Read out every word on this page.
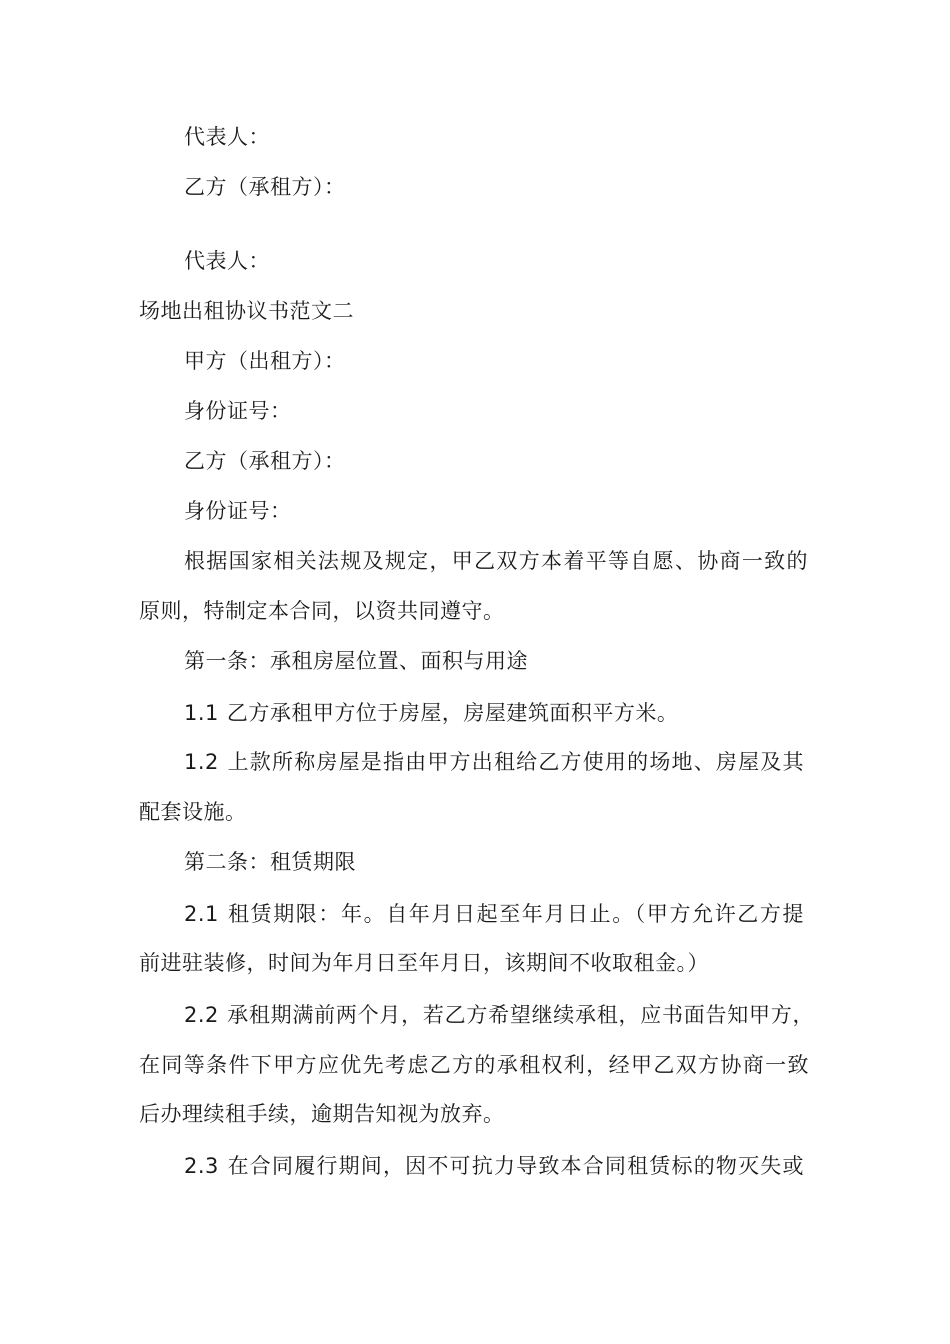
代表人：

乙方（承租方）：

代表人：

场地出租协议书范文二

甲方（出租方）：

身份证号：

乙方（承租方）：

身份证号：

根据国家相关法规及规定，甲乙双方本着平等自愿、协商一致的

原则，特制定本合同，以资共同遵守。

第一条：承租房屋位置、面积与用途

1.1 乙方承租甲方位于房屋，房屋建筑面积平方米。

1.2 上款所称房屋是指由甲方出租给乙方使用的场地、房屋及其

配套设施。

第二条：租赁期限

2.1 租赁期限：年。自年月日起至年月日止。（甲方允许乙方提

前进驻装修，时间为年月日至年月日，该期间不收取租金。）

2.2 承租期满前两个月，若乙方希望继续承租，应书面告知甲方，

在同等条件下甲方应优先考虑乙方的承租权利，经甲乙双方协商一致

后办理续租手续，逾期告知视为放弃。

2.3 在合同履行期间，因不可抗力导致本合同租赁标的物灭失或
